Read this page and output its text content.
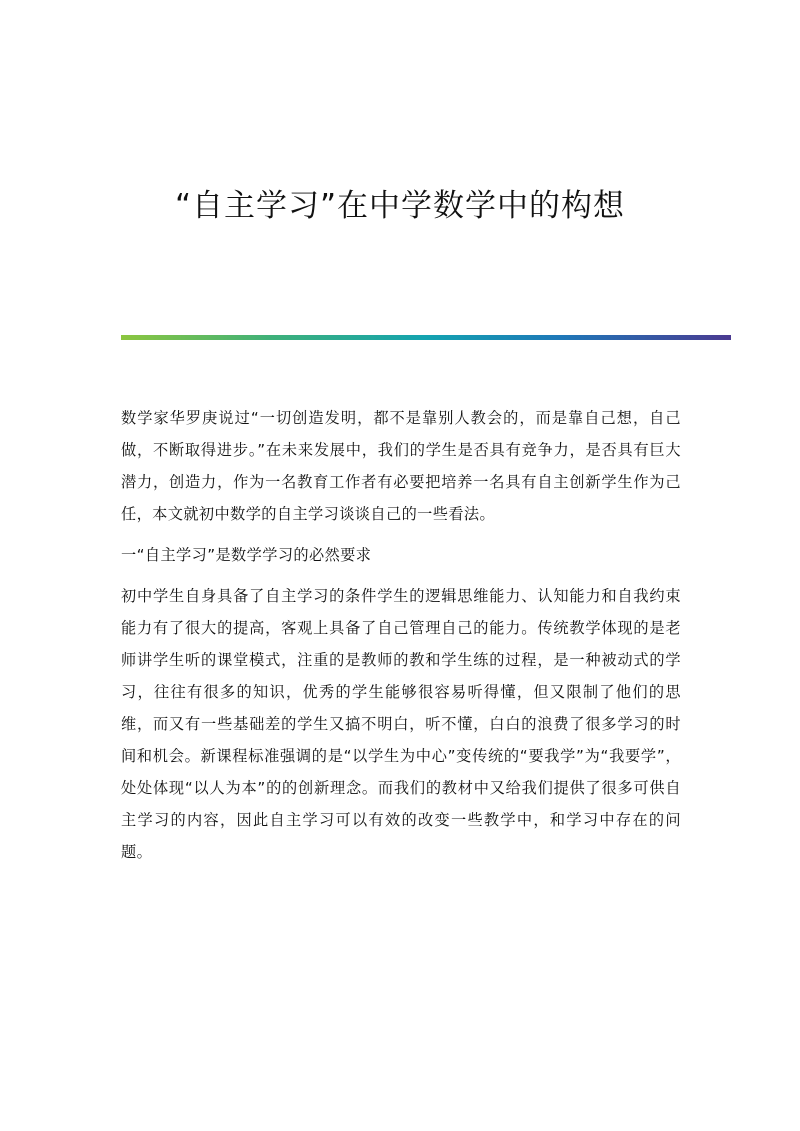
“自主学习”在中学数学中的构想

数学家华罗庚说过“一切创造发明，都不是靠别人教会的，而是靠自己想，自己做，不断取得进步。”在未来发展中，我们的学生是否具有竞争力，是否具有巨大潜力，创造力，作为一名教育工作者有必要把培养一名具有自主创新学生作为己任，本文就初中数学的自主学习谈谈自己的一些看法。

一“自主学习”是数学学习的必然要求

初中学生自身具备了自主学习的条件学生的逻辑思维能力、认知能力和自我约束能力有了很大的提高，客观上具备了自己管理自己的能力。传统教学体现的是老师讲学生听的课堂模式，注重的是教师的教和学生练的过程，是一种被动式的学习，往往有很多的知识，优秀的学生能够很容易听得懂，但又限制了他们的思维，而又有一些基础差的学生又搞不明白，听不懂，白白的浪费了很多学习的时间和机会。新课程标准强调的是“以学生为中心”变传统的“要我学”为“我要学”，处处体现“以人为本”的的创新理念。而我们的教材中又给我们提供了很多可供自主学习的内容，因此自主学习可以有效的改变一些教学中，和学习中存在的问题。
